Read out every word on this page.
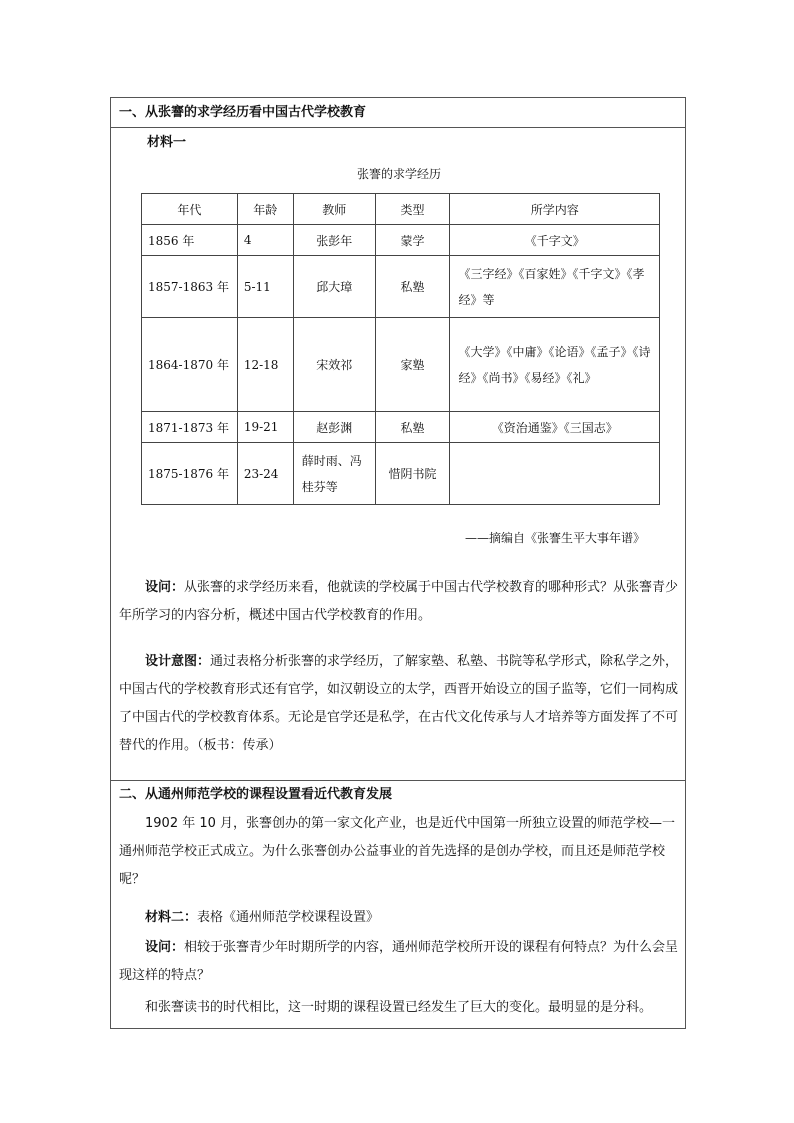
一、从张謇的求学经历看中国古代学校教育
材料一
张謇的求学经历
年代	年龄	教师	类型	所学内容
1856 年	4	张彭年	蒙学	《千字文》
1857-1863 年	5-11	邱大璋	私塾	《三字经》《百家姓》《千字文》《孝经》等
1864-1870 年	12-18	宋效祁	家塾	《大学》《中庸》《论语》《孟子》《诗经》《尚书》《易经》《礼》
1871-1873 年	19-21	赵彭渊	私塾	《资治通鉴》《三国志》
1875-1876 年	23-24	薛时雨、冯桂芬等	惜阴书院	
——摘编自《张謇生平大事年谱》
设问：从张謇的求学经历来看，他就读的学校属于中国古代学校教育的哪种形式？从张謇青少年所学习的内容分析，概述中国古代学校教育的作用。
设计意图：通过表格分析张謇的求学经历，了解家塾、私塾、书院等私学形式，除私学之外，中国古代的学校教育形式还有官学，如汉朝设立的太学，西晋开始设立的国子监等，它们一同构成了中国古代的学校教育体系。无论是官学还是私学，在古代文化传承与人才培养等方面发挥了不可替代的作用。（板书：传承）
二、从通州师范学校的课程设置看近代教育发展
1902 年 10 月，张謇创办的第一家文化产业，也是近代中国第一所独立设置的师范学校—一通州师范学校正式成立。为什么张謇创办公益事业的首先选择的是创办学校，而且还是师范学校呢？
材料二：表格《通州师范学校课程设置》
设问：相较于张謇青少年时期所学的内容，通州师范学校所开设的课程有何特点？为什么会呈现这样的特点？
和张謇读书的时代相比，这一时期的课程设置已经发生了巨大的变化。最明显的是分科。
